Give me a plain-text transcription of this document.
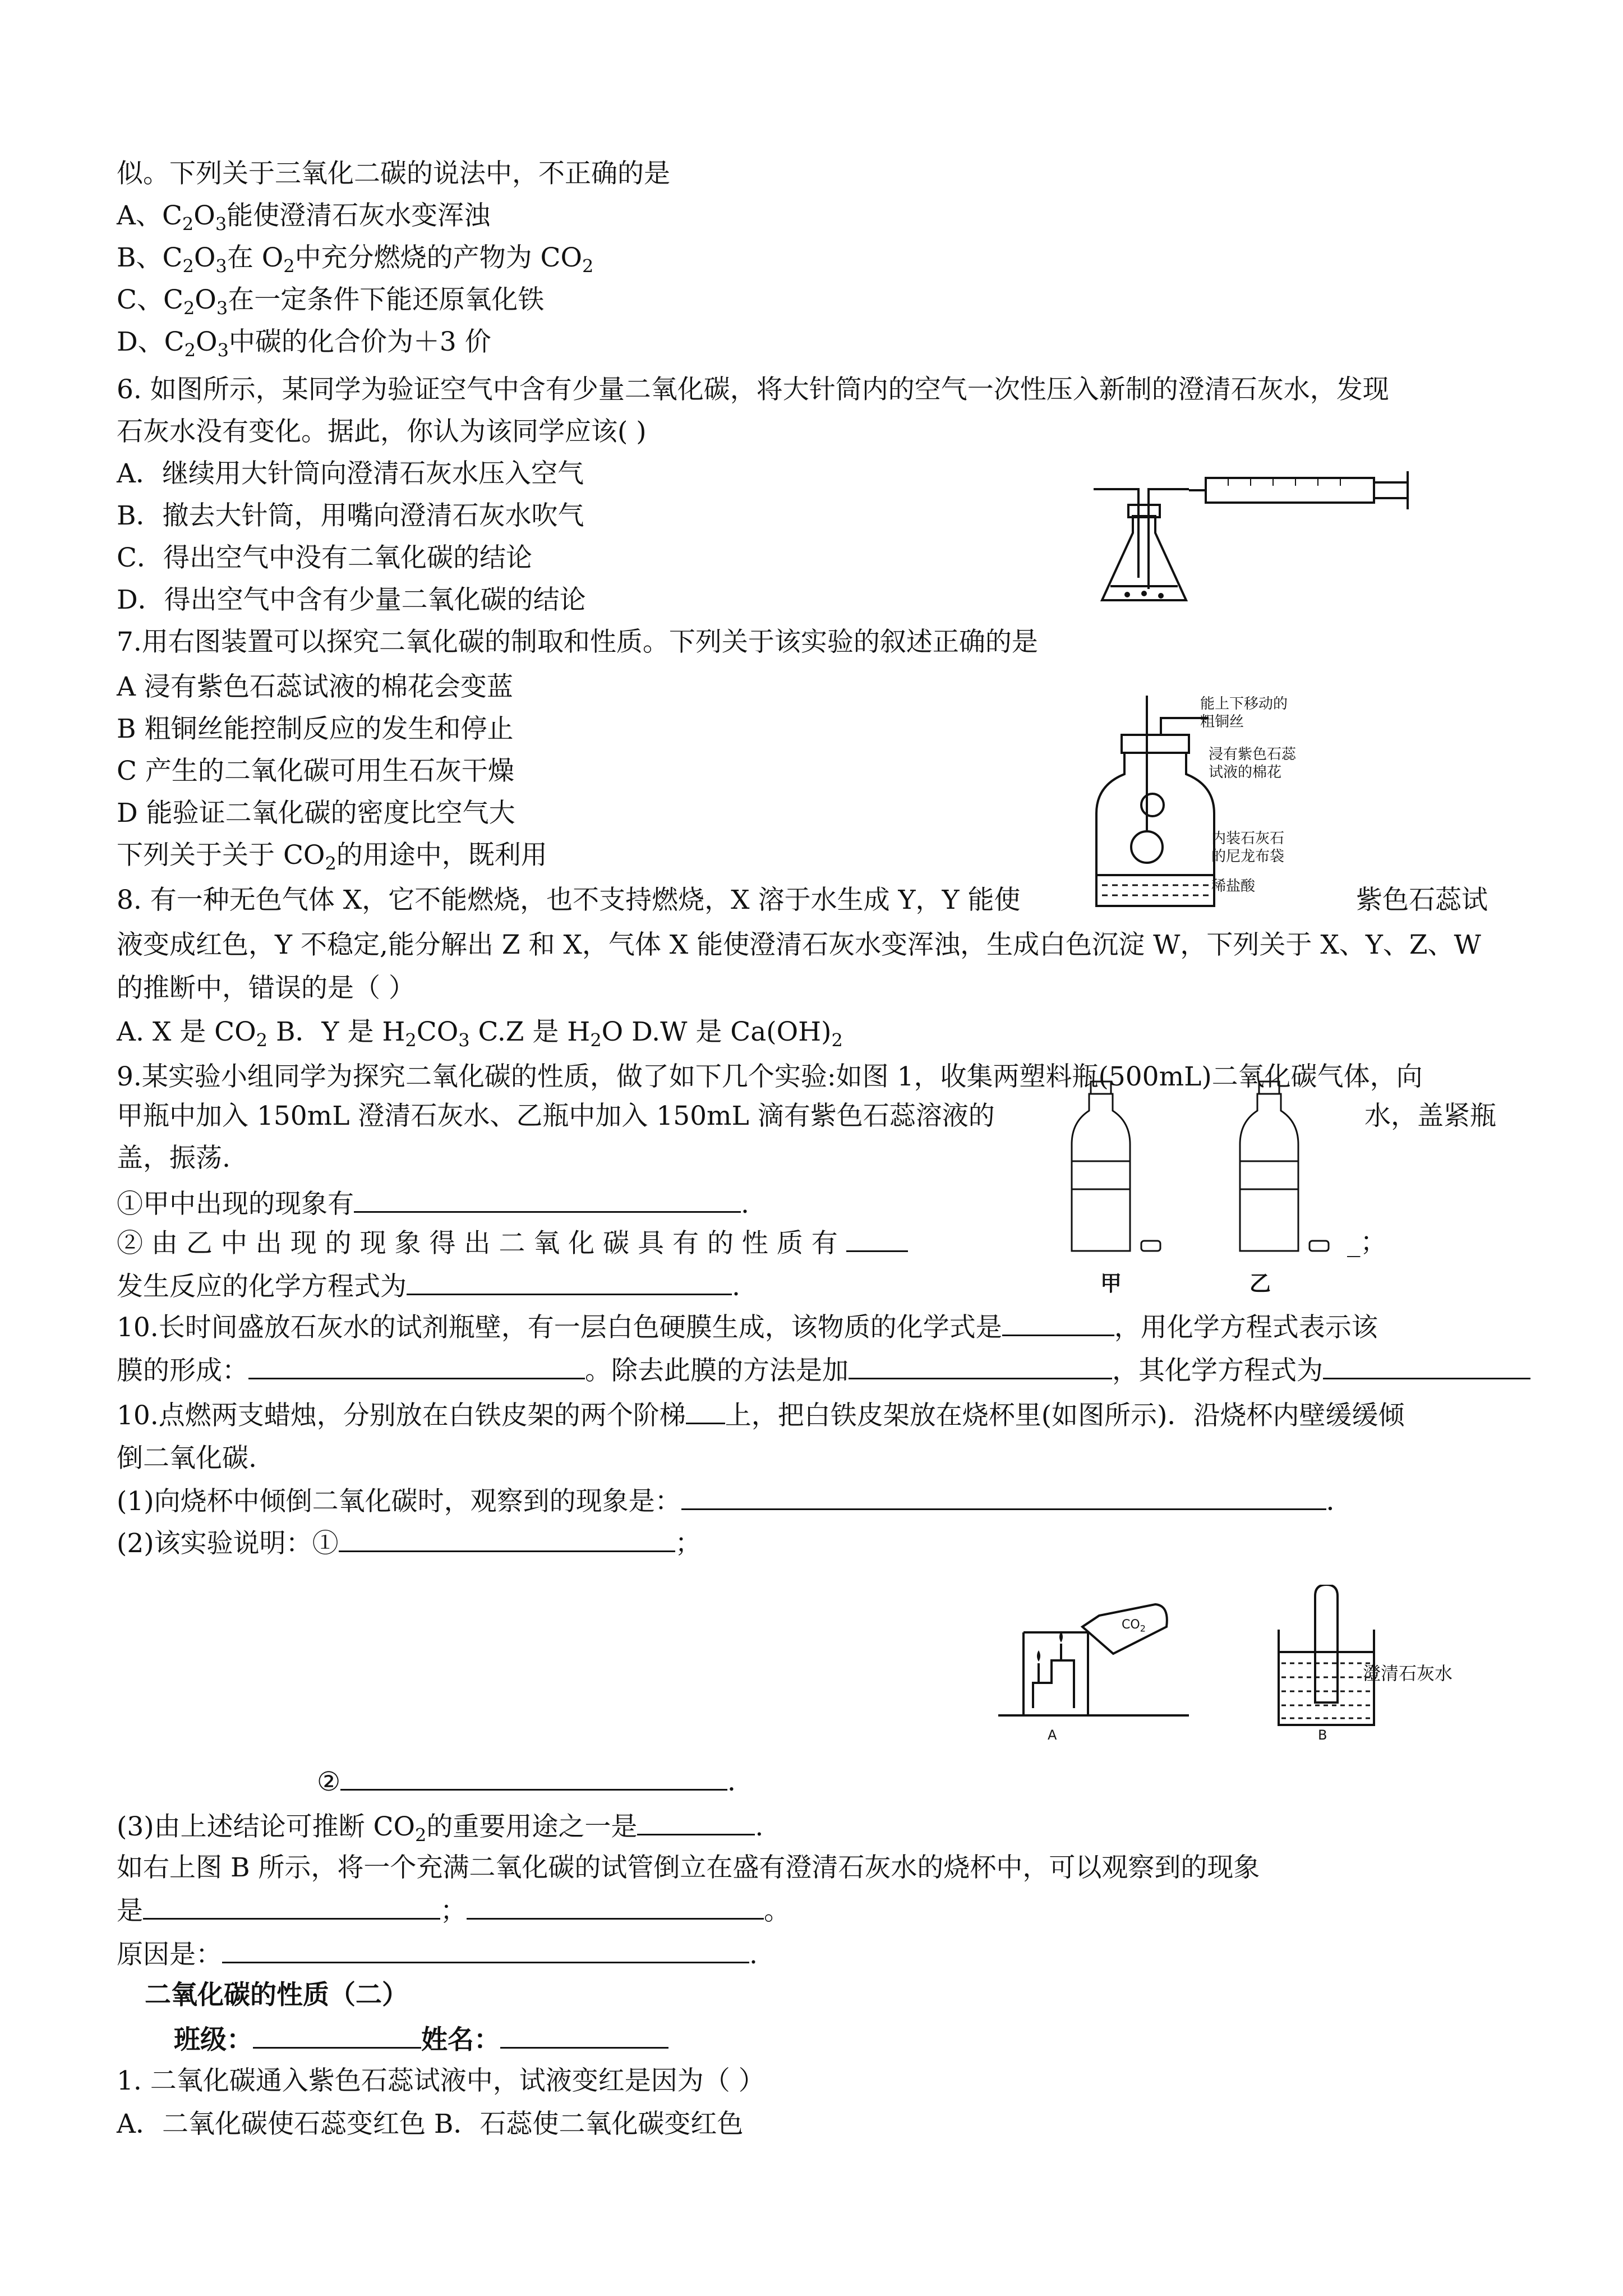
似。下列关于三氧化二碳的说法中，不正确的是
A、$C_2O_3$能使澄清石灰水变浑浊
B、$C_2O_3$在 $O_2$中充分燃烧的产物为 $CO_2$
C、$C_2O_3$在一定条件下能还原氧化铁
D、$C_2O_3$中碳的化合价为＋3 价
6. 如图所示，某同学为验证空气中含有少量二氧化碳，将大针筒内的空气一次性压入新制的澄清石灰水，发现
石灰水没有变化。据此，你认为该同学应该( )
A．继续用大针筒向澄清石灰水压入空气
B．撤去大针筒，用嘴向澄清石灰水吹气
C．得出空气中没有二氧化碳的结论
D．得出空气中含有少量二氧化碳的结论
7.用右图装置可以探究二氧化碳的制取和性质。下列关于该实验的叙述正确的是
A 浸有紫色石蕊试液的棉花会变蓝
B 粗铜丝能控制反应的发生和停止
C 产生的二氧化碳可用生石灰干燥
D 能验证二氧化碳的密度比空气大
下列关于关于 $CO_2$的用途中，既利用
8. 有一种无色气体 X，它不能燃烧，也不支持燃烧，X 溶于水生成 Y，Y 能使	紫色石蕊试
液变成红色，Y 不稳定,能分解出 Z 和 X，气体 X 能使澄清石灰水变浑浊，生成白色沉淀 W，下列关于 X、Y、Z、W
的推断中，错误的是（ ）
A. X 是 $CO_2$ B．Y 是 $H_2CO_3$ C.Z 是 $H_2O$ D.W 是 $Ca(OH)_2$
9.某实验小组同学为探究二氧化碳的性质，做了如下几个实验:如图 1，收集两塑料瓶(500mL)二氧化碳气体，向
甲瓶中加入 150mL 澄清石灰水、乙瓶中加入 150mL 滴有紫色石蕊溶液的	水，盖紧瓶
盖，振荡.
①甲中出现的现象有	.
② 由 乙 中 出 现 的 现 象 得 出 二 氧 化 碳 具 有 的 性 质 有	_；
发生反应的化学方程式为	.
10.长时间盛放石灰水的试剂瓶壁，有一层白色硬膜生成，该物质的化学式是	，用化学方程式表示该
膜的形成：	。除去此膜的方法是加	，其化学方程式为
10.点燃两支蜡烛，分别放在白铁皮架的两个阶梯 上，把白铁皮架放在烧杯里(如图所示)．沿烧杯内壁缓缓倾
倒二氧化碳.
(1)向烧杯中倾倒二氧化碳时，观察到的现象是：	．
(2)该实验说明：①	；
②	．
(3)由上述结论可推断 $CO_2$的重要用途之一是	.
如右上图 B 所示，将一个充满二氧化碳的试管倒立在盛有澄清石灰水的烧杯中，可以观察到的现象
是	；	。
原因是：	.
二氧化碳的性质（二）
班级：	姓名：
1. 二氧化碳通入紫色石蕊试液中，试液变红是因为（ ）
A．二氧化碳使石蕊变红色 B．石蕊使二氧化碳变红色
能上下移动的
粗铜丝
浸有紫色石蕊
试液的棉花
内装石灰石
的尼龙布袋
稀盐酸
甲	乙
$CO_2$
A
澄清石灰水
B
